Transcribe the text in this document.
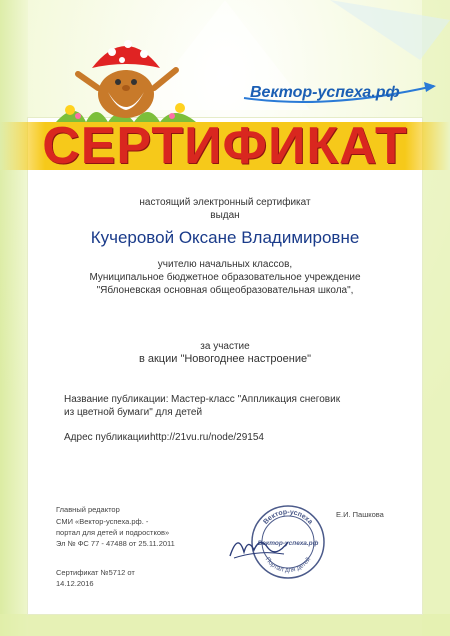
Вектор-успеха.рф
СЕРТИФИКАТ
настоящий электронный сертификат
выдан
Кучеровой Оксане Владимировне
учителю начальных классов,
Муниципальное бюджетное образовательное учреждение
"Яблоневская основная общеобразовательная школа",
за участие
в акции "Новогоднее настроение"
Название публикации: Мастер-класс "Аппликация снеговик
из цветной бумаги" для детей
Адрес публикации:
http://21vu.ru/node/29154
Главный редактор
СМИ «Вектор-успеха.рф. -
портал для детей и подростков»
Эл № ФС 77 - 47488 от 25.11.2011
Е.И. Пашкова
Сертификат №5712 от
14.12.2016
Вектор-успеха
Вектор-успеха.рф
Портал для детей
